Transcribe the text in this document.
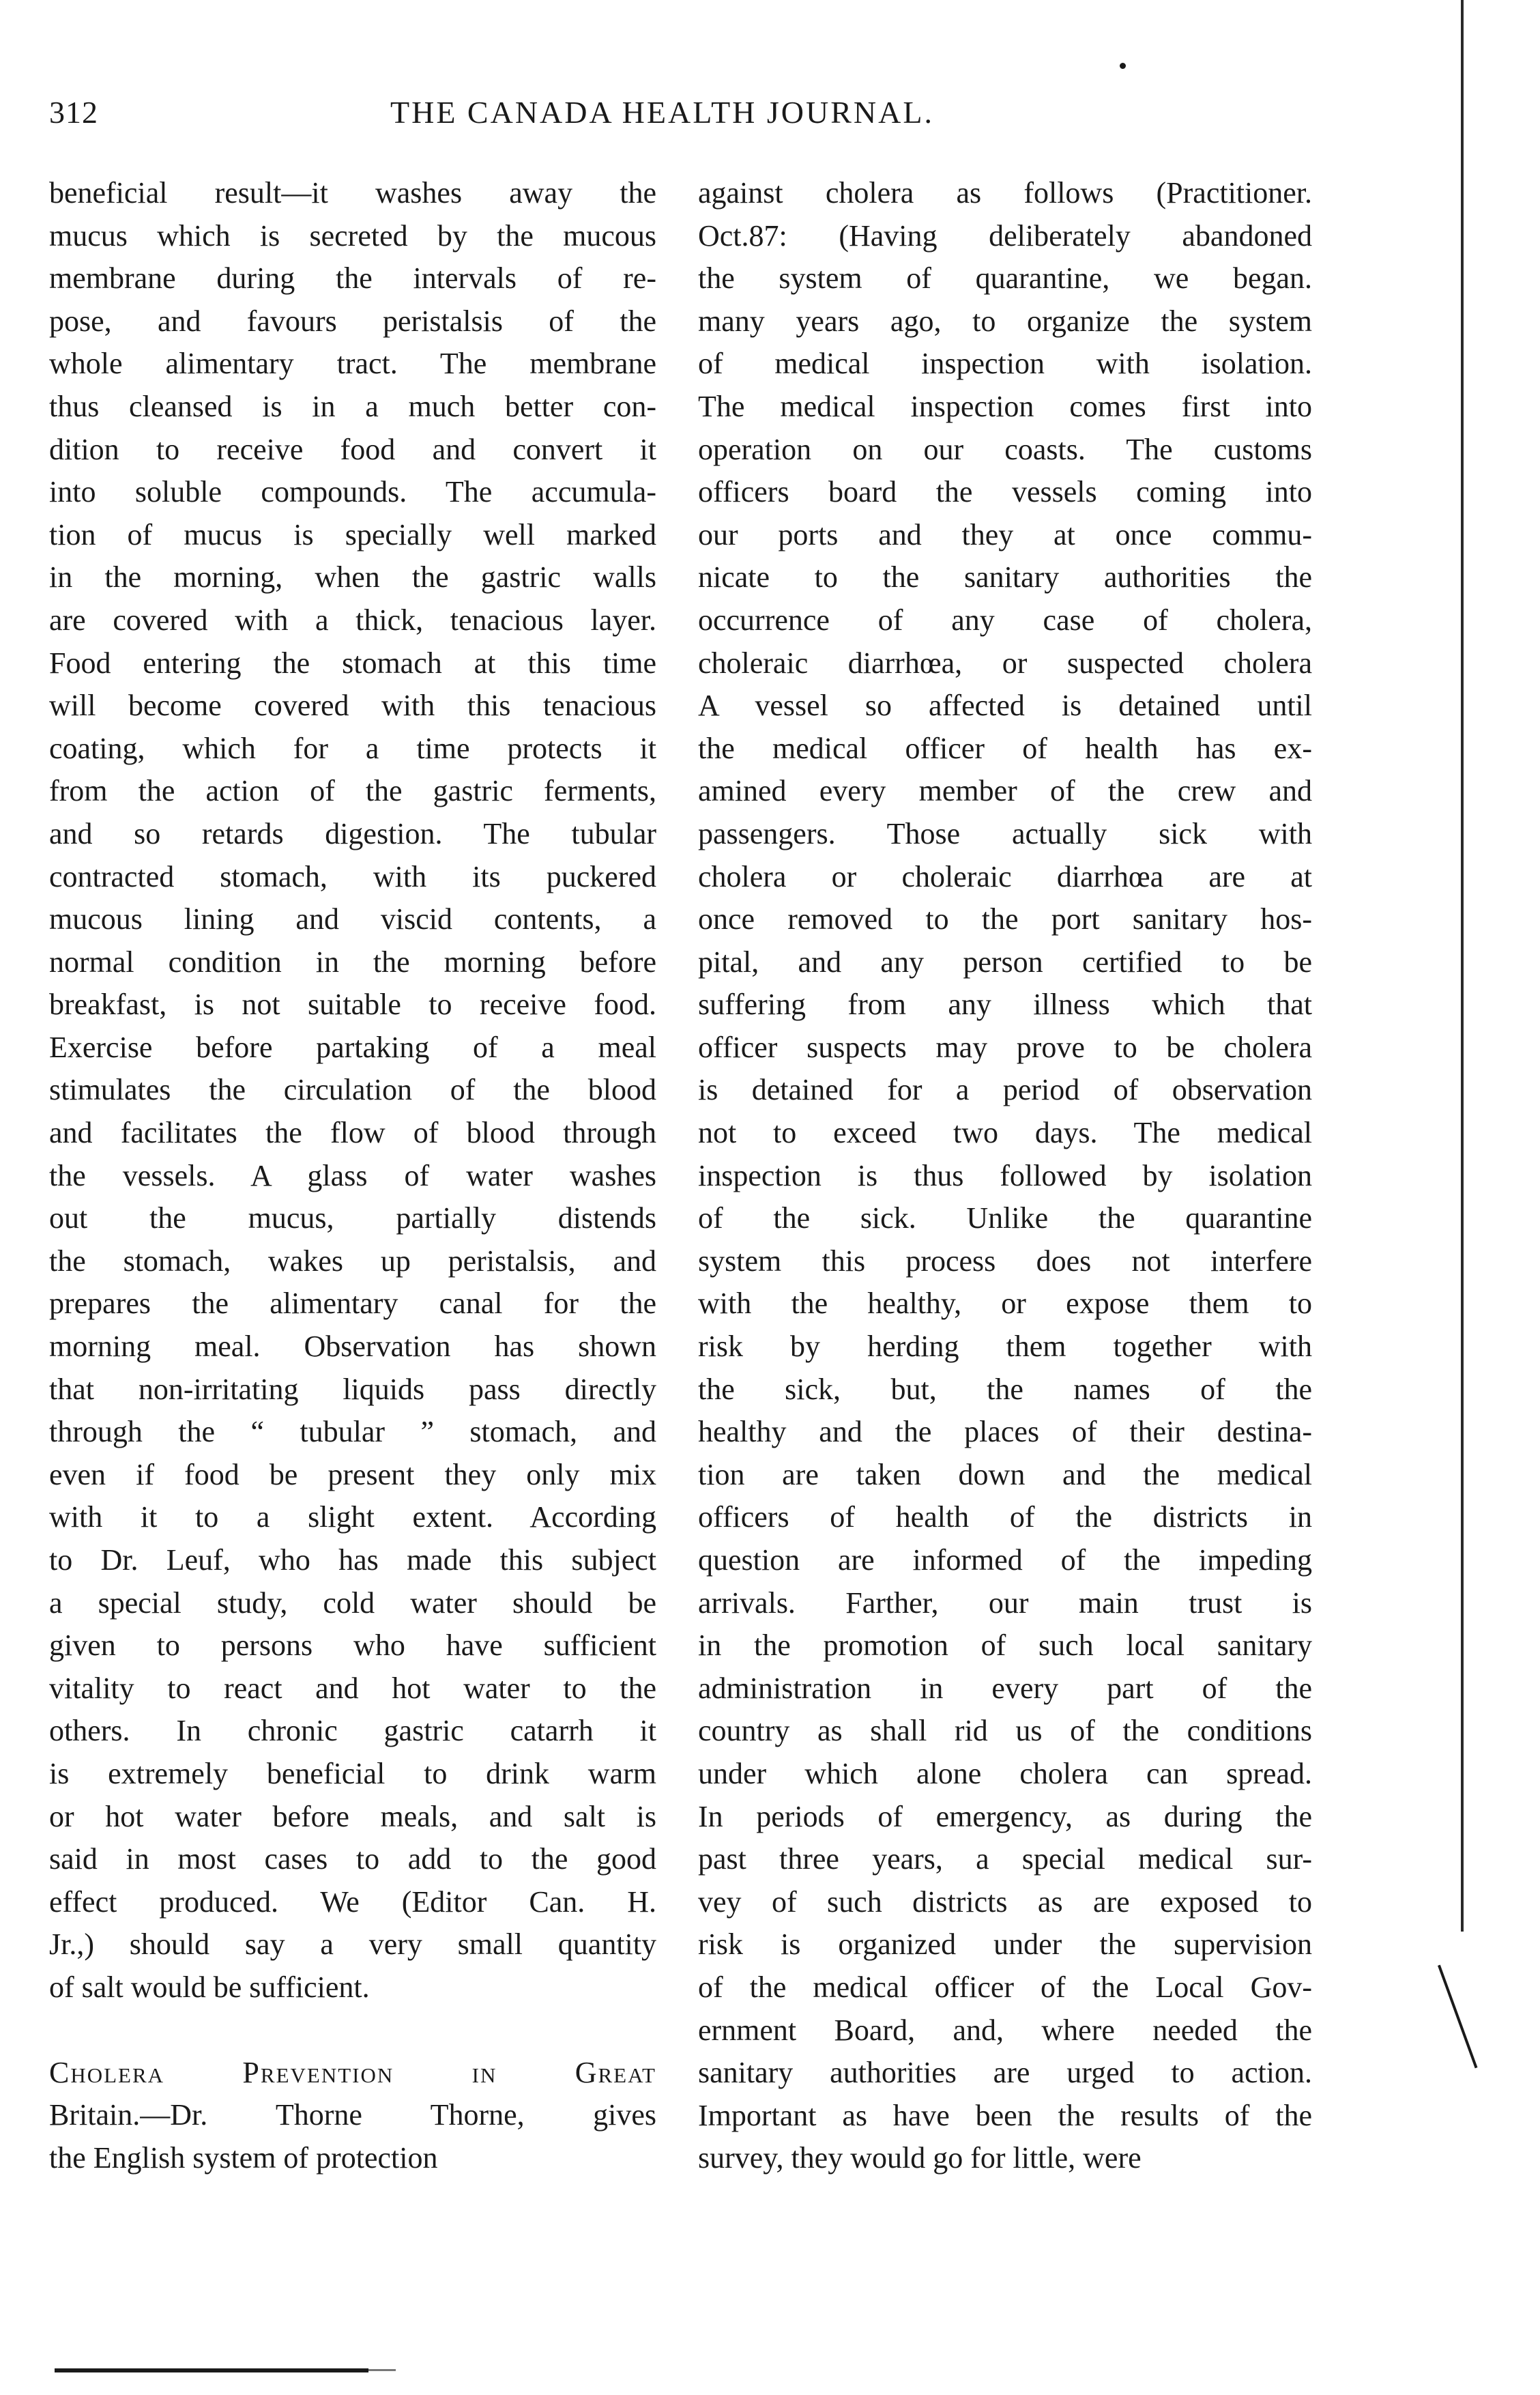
312	THE CANADA HEALTH JOURNAL.
beneficial result—it washes away the
mucus which is secreted by the mucous
membrane during the intervals of re-
pose, and favours peristalsis of the
whole alimentary tract. The membrane
thus cleansed is in a much better con-
dition to receive food and convert it
into soluble compounds. The accumula-
tion of mucus is specially well marked
in the morning, when the gastric walls
are covered with a thick, tenacious layer.
Food entering the stomach at this time
will become covered with this tenacious
coating, which for a time protects it
from the action of the gastric ferments,
and so retards digestion. The tubular
contracted stomach, with its puckered
mucous lining and viscid contents, a
normal condition in the morning before
breakfast, is not suitable to receive food.
Exercise before partaking of a meal
stimulates the circulation of the blood
and facilitates the flow of blood through
the vessels. A glass of water washes
out the mucus, partially distends
the stomach, wakes up peristalsis, and
prepares the alimentary canal for the
morning meal. Observation has shown
that non-irritating liquids pass directly
through the “ tubular ” stomach, and
even if food be present they only mix
with it to a slight extent. According
to Dr. Leuf, who has made this subject
a special study, cold water should be
given to persons who have sufficient
vitality to react and hot water to the
others. In chronic gastric catarrh it
is extremely beneficial to drink warm
or hot water before meals, and salt is
said in most cases to add to the good
effect produced. We (Editor Can. H.
Jr.,) should say a very small quantity
of salt would be sufficient.
Cholera Prevention in Great
Britain.—Dr. Thorne Thorne, gives
the English system of protection
against cholera as follows (Practitioner.
Oct.87: (Having deliberately abandoned
the system of quarantine, we began.
many years ago, to organize the system
of medical inspection with isolation.
The medical inspection comes first into
operation on our coasts. The customs
officers board the vessels coming into
our ports and they at once commu-
nicate to the sanitary authorities the
occurrence of any case of cholera,
choleraic diarrhœa, or suspected cholera
A vessel so affected is detained until
the medical officer of health has ex-
amined every member of the crew and
passengers. Those actually sick with
cholera or choleraic diarrhœa are at
once removed to the port sanitary hos-
pital, and any person certified to be
suffering from any illness which that
officer suspects may prove to be cholera
is detained for a period of observation
not to exceed two days. The medical
inspection is thus followed by isolation
of the sick. Unlike the quarantine
system this process does not interfere
with the healthy, or expose them to
risk by herding them together with
the sick, but, the names of the
healthy and the places of their destina-
tion are taken down and the medical
officers of health of the districts in
question are informed of the impeding
arrivals. Farther, our main trust is
in the promotion of such local sanitary
administration in every part of the
country as shall rid us of the conditions
under which alone cholera can spread.
In periods of emergency, as during the
past three years, a special medical sur-
vey of such districts as are exposed to
risk is organized under the supervision
of the medical officer of the Local Gov-
ernment Board, and, where needed the
sanitary authorities are urged to action.
Important as have been the results of the
survey, they would go for little, were
